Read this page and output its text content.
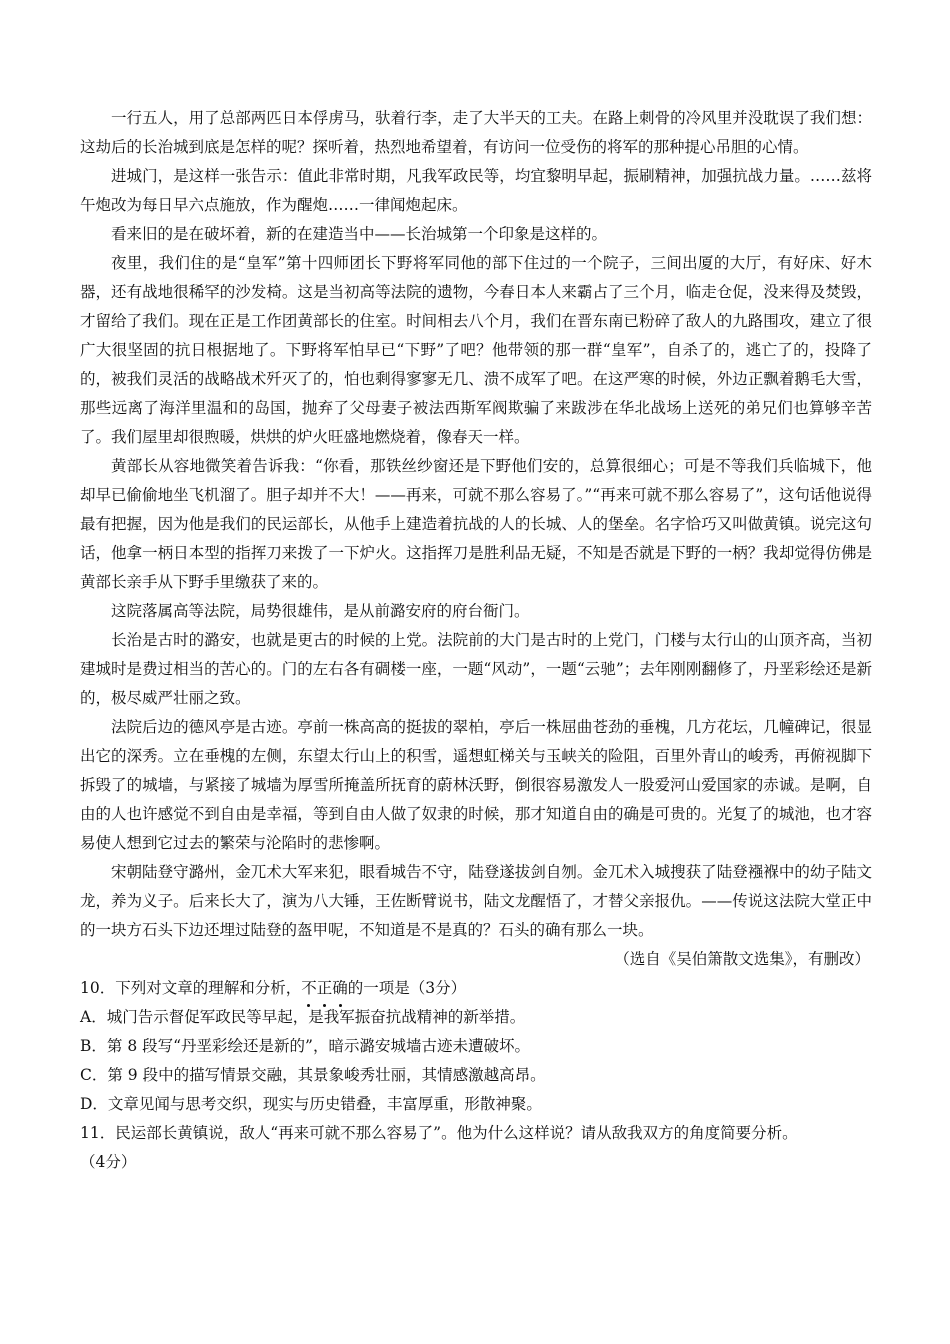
一行五人，用了总部两匹日本俘虏马，驮着行李，走了大半天的工夫。在路上刺骨的冷风里并没耽误了我们想：这劫后的长治城到底是怎样的呢？探听着，热烈地希望着，有访问一位受伤的将军的那种提心吊胆的心情。

进城门，是这样一张告示：值此非常时期，凡我军政民等，均宜黎明早起，振刷精神，加强抗战力量。……兹将午炮改为每日早六点施放，作为醒炮……一律闻炮起床。

看来旧的是在破坏着，新的在建造当中——长治城第一个印象是这样的。

夜里，我们住的是“皇军”第十四师团长下野将军同他的部下住过的一个院子，三间出厦的大厅，有好床、好木器，还有战地很稀罕的沙发椅。这是当初高等法院的遗物，今春日本人来霸占了三个月，临走仓促，没来得及焚毁，才留给了我们。现在正是工作团黄部长的住室。时间相去八个月，我们在晋东南已粉碎了敌人的九路围攻，建立了很广大很坚固的抗日根据地了。下野将军怕早已“下野”了吧？他带领的那一群“皇军”，自杀了的，逃亡了的，投降了的，被我们灵活的战略战术歼灭了的，怕也剩得寥寥无几、溃不成军了吧。在这严寒的时候，外边正飘着鹅毛大雪，那些远离了海洋里温和的岛国，抛弃了父母妻子被法西斯军阀欺骗了来跋涉在华北战场上送死的弟兄们也算够辛苦了。我们屋里却很煦暖，烘烘的炉火旺盛地燃烧着，像春天一样。

黄部长从容地微笑着告诉我：“你看，那铁丝纱窗还是下野他们安的，总算很细心；可是不等我们兵临城下，他却早已偷偷地坐飞机溜了。胆子却并不大！——再来，可就不那么容易了。”“再来可就不那么容易了”，这句话他说得最有把握，因为他是我们的民运部长，从他手上建造着抗战的人的长城、人的堡垒。名字恰巧又叫做黄镇。说完这句话，他拿一柄日本型的指挥刀来拨了一下炉火。这指挥刀是胜利品无疑，不知是否就是下野的一柄？我却觉得仿佛是黄部长亲手从下野手里缴获了来的。

这院落属高等法院，局势很雄伟，是从前潞安府的府台衙门。

长治是古时的潞安，也就是更古的时候的上党。法院前的大门是古时的上党门，门楼与太行山的山顶齐高，当初建城时是费过相当的苦心的。门的左右各有碉楼一座，一题“风动”，一题“云驰”；去年刚刚翻修了，丹垩彩绘还是新的，极尽威严壮丽之致。

法院后边的德风亭是古迹。亭前一株高高的挺拔的翠柏，亭后一株屈曲苍劲的垂槐，几方花坛，几幢碑记，很显出它的深秀。立在垂槐的左侧，东望太行山上的积雪，遥想虹梯关与玉峡关的险阻，百里外青山的峻秀，再俯视脚下拆毁了的城墙，与紧接了城墙为厚雪所掩盖所抚育的蔚林沃野，倒很容易激发人一股爱河山爱国家的赤诚。是啊，自由的人也许感觉不到自由是幸福，等到自由人做了奴隶的时候，那才知道自由的确是可贵的。光复了的城池，也才容易使人想到它过去的繁荣与沦陷时的悲惨啊。

宋朝陆登守潞州，金兀术大军来犯，眼看城告不守，陆登遂拔剑自刎。金兀术入城搜获了陆登襁褓中的幼子陆文龙，养为义子。后来长大了，演为八大锤，王佐断臂说书，陆文龙醒悟了，才替父亲报仇。——传说这法院大堂正中的一块方石头下边还埋过陆登的盔甲呢，不知道是不是真的？石头的确有那么一块。

（选自《吴伯箫散文选集》，有删改）

10．下列对文章的理解和分析，不正确的一项是（3分）

A．城门告示督促军政民等早起，是我军振奋抗战精神的新举措。

B．第 8 段写“丹垩彩绘还是新的”，暗示潞安城墙古迹未遭破坏。

C．第 9 段中的描写情景交融，其景象峻秀壮丽，其情感激越高昂。

D．文章见闻与思考交织，现实与历史错叠，丰富厚重，形散神聚。

11．民运部长黄镇说，敌人“再来可就不那么容易了”。他为什么这样说？请从敌我双方的角度简要分析。（4分）
